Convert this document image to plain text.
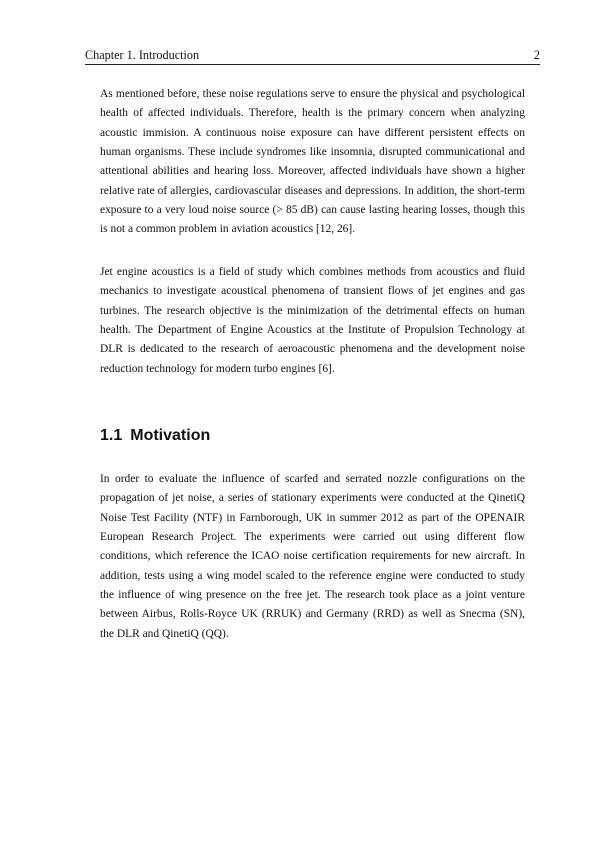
Chapter 1. Introduction	2

As mentioned before, these noise regulations serve to ensure the physical and psychological health of affected individuals. Therefore, health is the primary concern when analyzing acoustic immision. A continuous noise exposure can have different persistent effects on human organisms. These include syndromes like insomnia, disrupted communicational and attentional abilities and hearing loss. Moreover, affected individuals have shown a higher relative rate of allergies, cardiovascular diseases and depressions. In addition, the short-term exposure to a very loud noise source (> 85 dB) can cause lasting hearing losses, though this is not a common problem in aviation acoustics [12, 26].

Jet engine acoustics is a field of study which combines methods from acoustics and fluid mechanics to investigate acoustical phenomena of transient flows of jet engines and gas turbines. The research objective is the minimization of the detrimental effects on human health. The Department of Engine Acoustics at the Institute of Propulsion Technology at DLR is dedicated to the research of aeroacoustic phenomena and the development noise reduction technology for modern turbo engines [6].

1.1 Motivation

In order to evaluate the influence of scarfed and serrated nozzle configurations on the propagation of jet noise, a series of stationary experiments were conducted at the QinetiQ Noise Test Facility (NTF) in Farnborough, UK in summer 2012 as part of the OPENAIR European Research Project. The experiments were carried out using different flow conditions, which reference the ICAO noise certification requirements for new aircraft. In addition, tests using a wing model scaled to the reference engine were conducted to study the influence of wing presence on the free jet. The research took place as a joint venture between Airbus, Rolls-Royce UK (RRUK) and Germany (RRD) as well as Snecma (SN), the DLR and QinetiQ (QQ).
